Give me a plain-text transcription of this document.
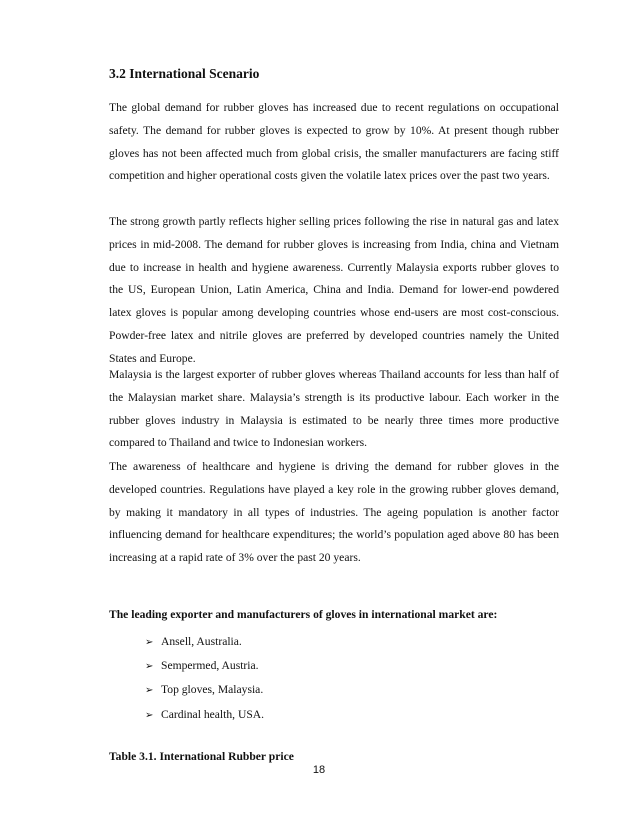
3.2 International Scenario

The global demand for rubber gloves has increased due to recent regulations on occupational safety. The demand for rubber gloves is expected to grow by 10%. At present though rubber gloves has not been affected much from global crisis, the smaller manufacturers are facing stiff competition and higher operational costs given the volatile latex prices over the past two years.

The strong growth partly reflects higher selling prices following the rise in natural gas and latex prices in mid-2008. The demand for rubber gloves is increasing from India, china and Vietnam due to increase in health and hygiene awareness. Currently Malaysia exports rubber gloves to the US, European Union, Latin America, China and India. Demand for lower-end powdered latex gloves is popular among developing countries whose end-users are most cost-conscious. Powder-free latex and nitrile gloves are preferred by developed countries namely the United States and Europe.

Malaysia is the largest exporter of rubber gloves whereas Thailand accounts for less than half of the Malaysian market share. Malaysia’s strength is its productive labour. Each worker in the rubber gloves industry in Malaysia is estimated to be nearly three times more productive compared to Thailand and twice to Indonesian workers.

The awareness of healthcare and hygiene is driving the demand for rubber gloves in the developed countries. Regulations have played a key role in the growing rubber gloves demand, by making it mandatory in all types of industries. The ageing population is another factor influencing demand for healthcare expenditures; the world’s population aged above 80 has been increasing at a rapid rate of 3% over the past 20 years.

The leading exporter and manufacturers of gloves in international market are:
➢ Ansell, Australia.
➢ Sempermed, Austria.
➢ Top gloves, Malaysia.
➢ Cardinal health, USA.
Table 3.1. International Rubber price
18
